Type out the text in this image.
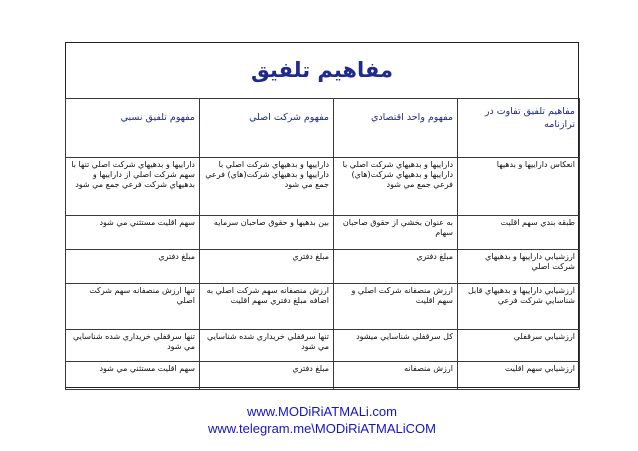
مفاهيم تلفيق
مفاهيم تلفيق تفاوت در ترازنامه	مفهوم واحد اقتصادي	مفهوم شركت اصلي	مفهوم تلفيق نسبي
انعكاس داراييها و بدهيها	داراييها و بدهيهاي شركت اصلي با داراييها و بدهيهاي شركت(هاي) فرعي جمع مي شود	داراييها و بدهيهاي شركت اصلي با داراييها و بدهيهاي شركت(هاي) فرعي جمع مي شود	داراييها و بدهيهاي شركت اصلي تنها با سهم شركت اصلي از داراييها و بدهيهاي شركت فرعي جمع مي شود
طبقه بندي سهم اقليت	به عنوان بخشي از حقوق صاحبان سهام	بين بدهيها و حقوق صاحبان سرمايه	سهم اقليت مستثني مي شود
ارزشيابي داراييها و بدهيهاي شركت اصلي	مبلغ دفتري	مبلغ دفتري	مبلغ دفتري
ارزشيابي داراييها و بدهيهاي قابل شناسايي شركت فرعي	ارزش منصفانه شركت اصلي و سهم اقليت	ارزش منصفانه سهم شركت اصلي به اضافه مبلغ دفتري سهم اقليت	تنها ارزش منصفانه سهم شركت اصلي
ارزشيابي سرقفلي	كل سرقفلي شناسايي ميشود	تنها سرقفلي خريداري شده شناسايي مي شود	تنها سرقفلي خريداري شده شناسايي مي شود
ارزشيابي سهم اقليت	ارزش منصفانه	مبلغ دفتري	سهم اقليت مستثني مي شود
www.MODiRiATMALi.com
www.telegram.me\MODiRiATMALiCOM
